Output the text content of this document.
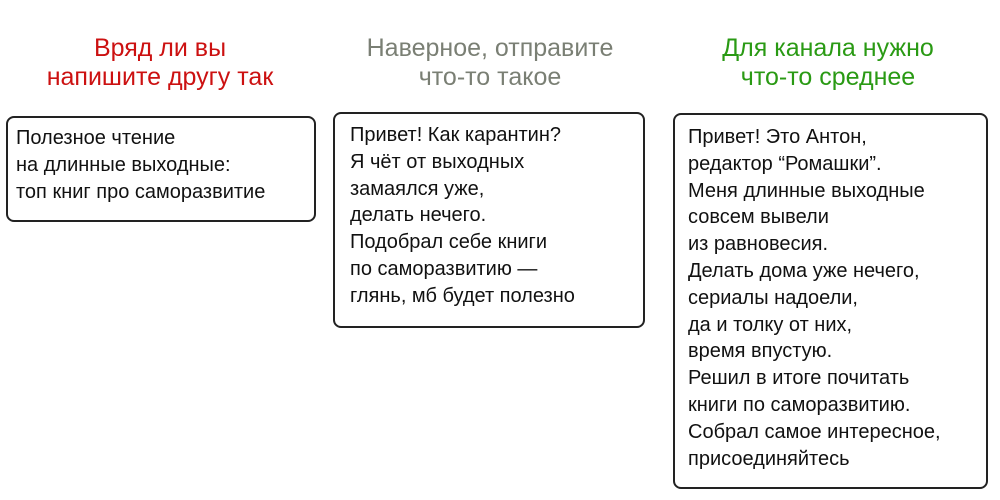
Вряд ли вы
напишите другу так
Наверное, отправите
что-то такое
Для канала нужно
что-то среднее
Полезное чтение
на длинные выходные:
топ книг про саморазвитие
Привет! Как карантин?
Я чёт от выходных
замаялся уже,
делать нечего.
Подобрал себе книги
по саморазвитию —
глянь, мб будет полезно
Привет! Это Антон,
редактор “Ромашки”.
Меня длинные выходные
совсем вывели
из равновесия.
Делать дома уже нечего,
сериалы надоели,
да и толку от них,
время впустую.
Решил в итоге почитать
книги по саморазвитию.
Собрал самое интересное,
присоединяйтесь
